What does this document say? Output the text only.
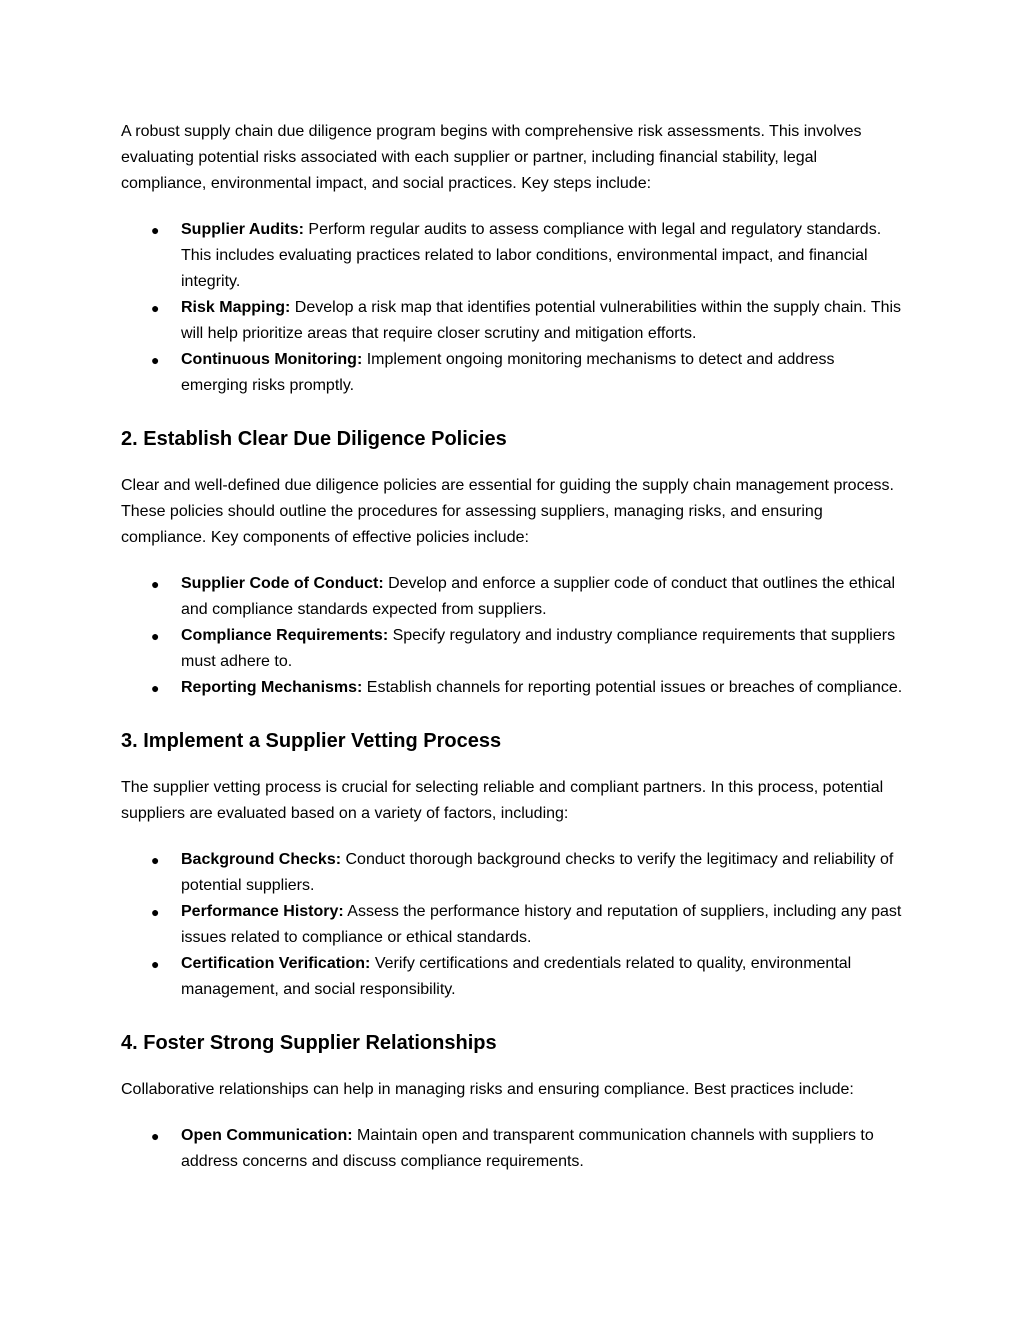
A robust supply chain due diligence program begins with comprehensive risk assessments. This involves evaluating potential risks associated with each supplier or partner, including financial stability, legal compliance, environmental impact, and social practices. Key steps include:

● Supplier Audits: Perform regular audits to assess compliance with legal and regulatory standards. This includes evaluating practices related to labor conditions, environmental impact, and financial integrity.
● Risk Mapping: Develop a risk map that identifies potential vulnerabilities within the supply chain. This will help prioritize areas that require closer scrutiny and mitigation efforts.
● Continuous Monitoring: Implement ongoing monitoring mechanisms to detect and address emerging risks promptly.
2. Establish Clear Due Diligence Policies

Clear and well-defined due diligence policies are essential for guiding the supply chain management process. These policies should outline the procedures for assessing suppliers, managing risks, and ensuring compliance. Key components of effective policies include:

● Supplier Code of Conduct: Develop and enforce a supplier code of conduct that outlines the ethical and compliance standards expected from suppliers.
● Compliance Requirements: Specify regulatory and industry compliance requirements that suppliers must adhere to.
● Reporting Mechanisms: Establish channels for reporting potential issues or breaches of compliance.
3. Implement a Supplier Vetting Process

The supplier vetting process is crucial for selecting reliable and compliant partners. In this process, potential suppliers are evaluated based on a variety of factors, including:

● Background Checks: Conduct thorough background checks to verify the legitimacy and reliability of potential suppliers.
● Performance History: Assess the performance history and reputation of suppliers, including any past issues related to compliance or ethical standards.
● Certification Verification: Verify certifications and credentials related to quality, environmental management, and social responsibility.
4. Foster Strong Supplier Relationships

Collaborative relationships can help in managing risks and ensuring compliance. Best practices include:

● Open Communication: Maintain open and transparent communication channels with suppliers to address concerns and discuss compliance requirements.
